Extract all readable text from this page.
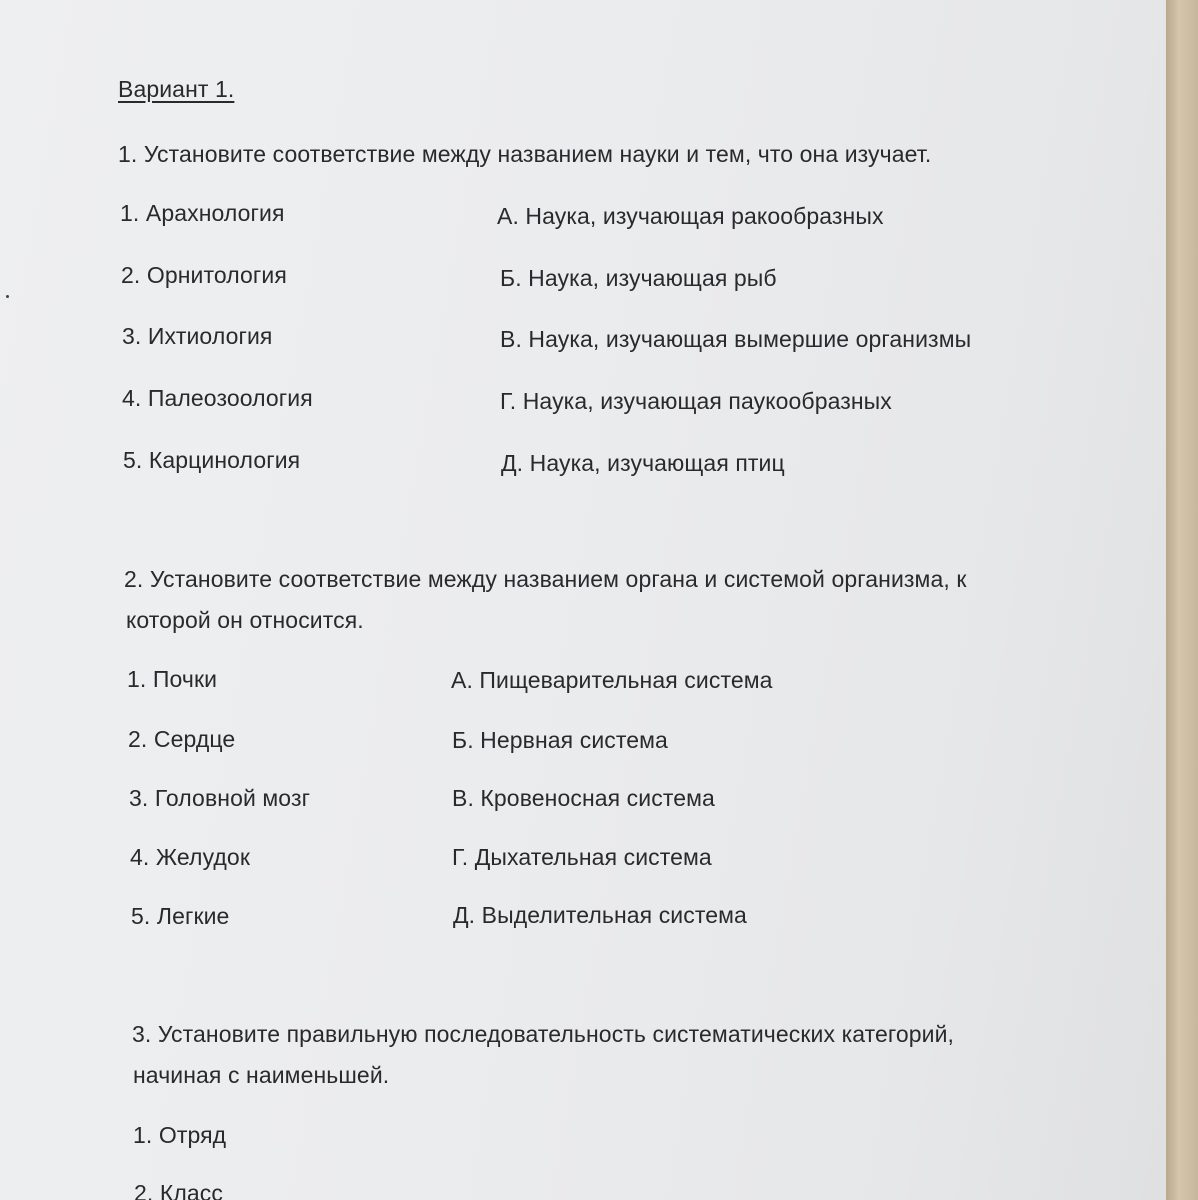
Вариант 1.
1. Установите соответствие между названием науки и тем, что она изучает.
1. Арахнология
2. Орнитология
3. Ихтиология
4. Палеозоология
5. Карцинология
А. Наука, изучающая ракообразных
Б. Наука, изучающая рыб
В. Наука, изучающая вымершие организмы
Г. Наука, изучающая паукообразных
Д. Наука, изучающая птиц
2. Установите соответствие между названием органа и системой организма, к
которой он относится.
1. Почки
2. Сердце
3. Головной мозг
4. Желудок
5. Легкие
А. Пищеварительная система
Б. Нервная система
В. Кровеносная система
Г. Дыхательная система
Д. Выделительная система
3. Установите правильную последовательность систематических категорий,
начиная с наименьшей.
1. Отряд
2. Класс
